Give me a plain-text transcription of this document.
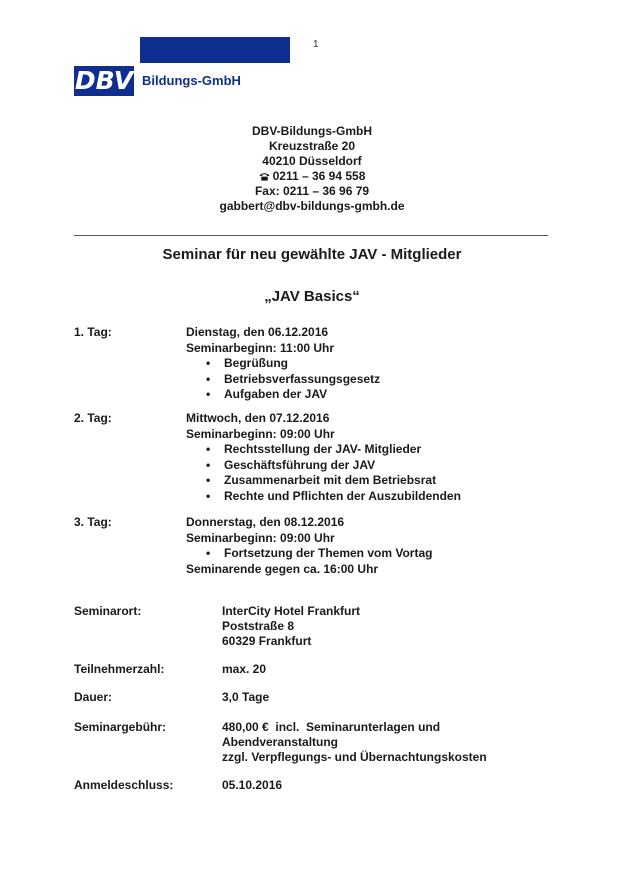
DBV Bildungs-GmbH
1
DBV-Bildungs-GmbH
Kreuzstraße 20
40210 Düsseldorf
0211 – 36 94 558
Fax: 0211 – 36 96 79
gabbert@dbv-bildungs-gmbh.de
Seminar für neu gewählte JAV - Mitglieder
„JAV Basics“
1. Tag:	Dienstag, den 06.12.2016
Seminarbeginn: 11:00 Uhr
• Begrüßung
• Betriebsverfassungsgesetz
• Aufgaben der JAV
2. Tag:	Mittwoch, den 07.12.2016
Seminarbeginn: 09:00 Uhr
• Rechtsstellung der JAV- Mitglieder
• Geschäftsführung der JAV
• Zusammenarbeit mit dem Betriebsrat
• Rechte und Pflichten der Auszubildenden
3. Tag:	Donnerstag, den 08.12.2016
Seminarbeginn: 09:00 Uhr
• Fortsetzung der Themen vom Vortag
Seminarende gegen ca. 16:00 Uhr
Seminarort:	InterCity Hotel Frankfurt
Poststraße 8
60329 Frankfurt
Teilnehmerzahl:	max. 20
Dauer:	3,0 Tage
Seminargebühr:	480,00 €  incl.  Seminarunterlagen und
Abendveranstaltung
zzgl. Verpflegungs- und Übernachtungskosten
Anmeldeschluss:	05.10.2016
